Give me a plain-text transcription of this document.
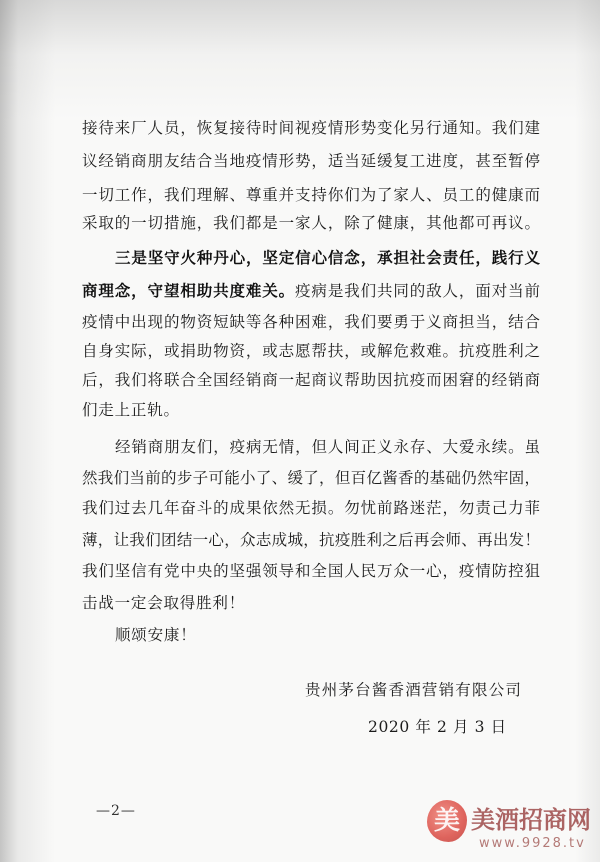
接待来厂人员，恢复接待时间视疫情形势变化另行通知。我们建
议经销商朋友结合当地疫情形势，适当延缓复工进度，甚至暂停
一切工作，我们理解、尊重并支持你们为了家人、员工的健康而
采取的一切措施，我们都是一家人，除了健康，其他都可再议。
三是坚守火种丹心，坚定信心信念，承担社会责任，践行义
商理念，守望相助共度难关。疫病是我们共同的敌人，面对当前
疫情中出现的物资短缺等各种困难，我们要勇于义商担当，结合
自身实际，或捐助物资，或志愿帮扶，或解危救难。抗疫胜利之
后，我们将联合全国经销商一起商议帮助因抗疫而困窘的经销商
们走上正轨。
经销商朋友们，疫病无情，但人间正义永存、大爱永续。虽
然我们当前的步子可能小了、缓了，但百亿酱香的基础仍然牢固，
我们过去几年奋斗的成果依然无损。勿忧前路迷茫，勿责己力菲
薄，让我们团结一心，众志成城，抗疫胜利之后再会师、再出发！
我们坚信有党中央的坚强领导和全国人民万众一心，疫情防控狙
击战一定会取得胜利！
顺颂安康！
贵州茅台酱香酒营销有限公司
2020 年 2 月 3 日
—2—	美 美酒招商网
www.9928.tv
